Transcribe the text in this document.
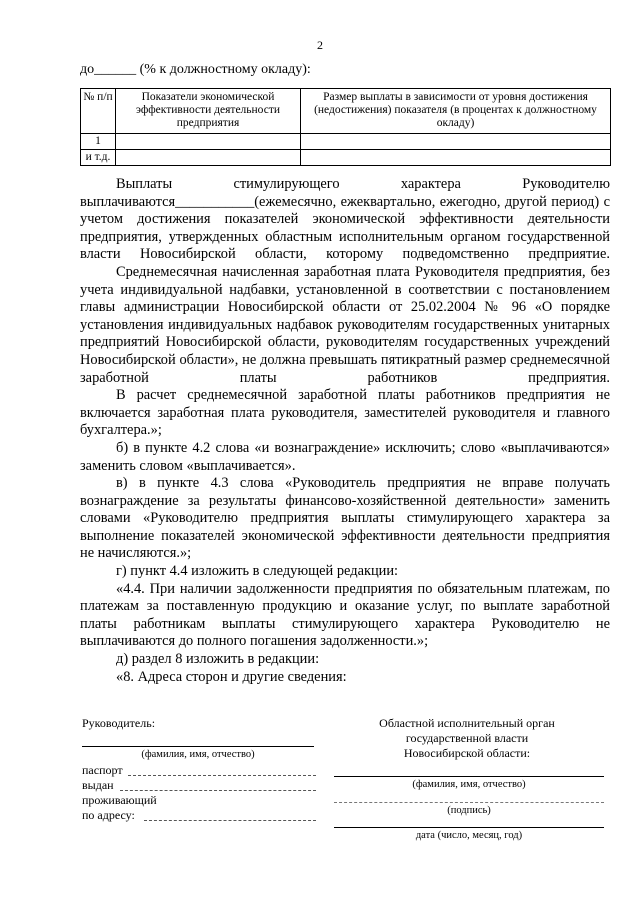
2
до______ (% к должностному окладу):
№ п/п	Показатели экономической эффективности деятельности предприятия	Размер выплаты в зависимости от уровня достижения (недостижения) показателя (в процентах к должностному окладу)
1		
и т.д.		

Выплаты стимулирующего характера Руководителю выплачиваются___________(ежемесячно, ежеквартально, ежегодно, другой период) с учетом достижения показателей экономической эффективности деятельности предприятия, утвержденных областным исполнительным органом государственной власти Новосибирской области, которому подведомственно предприятие.

Среднемесячная начисленная заработная плата Руководителя предприятия, без учета индивидуальной надбавки, установленной в соответствии с постановлением главы администрации Новосибирской области от 25.02.2004 № 96 «О порядке установления индивидуальных надбавок руководителям государственных унитарных предприятий Новосибирской области, руководителям государственных учреждений Новосибирской области», не должна превышать пятикратный размер среднемесячной заработной платы работников предприятия.

В расчет среднемесячной заработной платы работников предприятия не включается заработная плата руководителя, заместителей руководителя и главного бухгалтера.»;

б) в пункте 4.2 слова «и вознаграждение» исключить; слово «выплачиваются» заменить словом «выплачивается».

в) в пункте 4.3 слова «Руководитель предприятия не вправе получать вознаграждение за результаты финансово-хозяйственной деятельности» заменить словами «Руководителю предприятия выплаты стимулирующего характера за выполнение показателей экономической эффективности деятельности предприятия не начисляются.»;

г) пункт 4.4 изложить в следующей редакции:

«4.4. При наличии задолженности предприятия по обязательным платежам, по платежам за поставленную продукцию и оказание услуг, по выплате заработной платы работникам выплаты стимулирующего характера Руководителю не выплачиваются до полного погашения задолженности.»;

д) раздел 8 изложить в редакции:

«8. Адреса сторон и другие сведения:

Руководитель:
(фамилия, имя, отчество)
паспорт
выдан
проживающий
по адресу:
Областной исполнительный орган
государственной власти
Новосибирской области:
(фамилия, имя, отчество)
(подпись)
дата (число, месяц, год)
